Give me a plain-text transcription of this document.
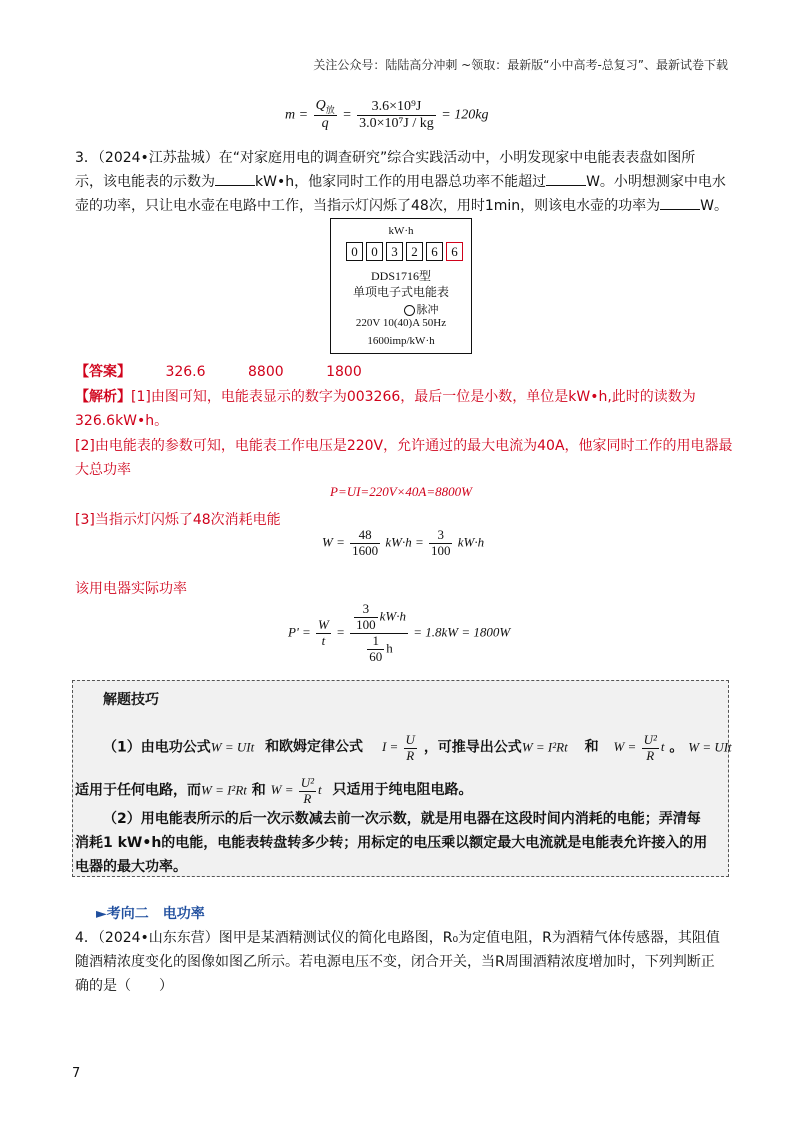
关注公众号：陆陆高分冲刺 ~领取：最新版“小中高考-总复习”、最新试卷下载
$m = \frac{Q_放}{q} = \frac{\text{3.6×10⁹J}}{\text{3.0×10⁷J / kg}} = 120kg$
3．（2024•江苏盐城）在“对家庭用电的调查研究”综合实践活动中，小明发现家中电能表表盘如图所
示，该电能表的示数为	kW•h，他家同时工作的用电器总功率不能超过	W。小明想测家中电水
壶的功率，只让电水壶在电路中工作，当指示灯闪烁了48次，用时1min，则该电水壶的功率为	W。
kW·h
0	0	3	2	6	6
DDS1716型
单项电子式电能表
脉冲
220V 10(40)A 50Hz
1600imp/kW·h
【答案】 326.6	8800	1800
【解析】[1]由图可知，电能表显示的数字为003266，最后一位是小数，单位是kW•h,此时的读数为
326.6kW•h。
[2]由电能表的参数可知，电能表工作电压是220V，允许通过的最大电流为40A，他家同时工作的用电器最
大总功率
P=UI=220V×40A=8800W
[3]当指示灯闪烁了48次消耗电能
$W = \frac{48}{1600} kW\cdot h = \frac{3}{100} kW\cdot h$
该用电器实际功率
$P' = \frac{W}{t} = \frac{\frac{3}{100} kW\cdot h}{\frac{1}{60} h} = 1.8kW = 1800W$
解题技巧
（1）由电功公式W = UIt 和欧姆定律公式 $I = \frac{U}{R}$ ，可推导出公式W = I²Rt 和 $W = \frac{\text{U²}}{R}$ t 。 W = UIt
适用于任何电路，而W = I²Rt 和 $W = \frac{\text{U²}}{R}$ t 只适用于纯电阻电路。
（2）用电能表所示的后一次示数减去前一次示数，就是用电器在这段时间内消耗的电能；弄清每
消耗1 kW•h的电能，电能表转盘转多少转；用标定的电压乘以额定最大电流就是电能表允许接入的用
电器的最大功率。
►考向二　电功率
4．（2024•山东东营）图甲是某酒精测试仪的简化电路图，R₀为定值电阻，R为酒精气体传感器，其阻值
随酒精浓度变化的图像如图乙所示。若电源电压不变，闭合开关，当R周围酒精浓度增加时，下列判断正
确的是（　　）
7
